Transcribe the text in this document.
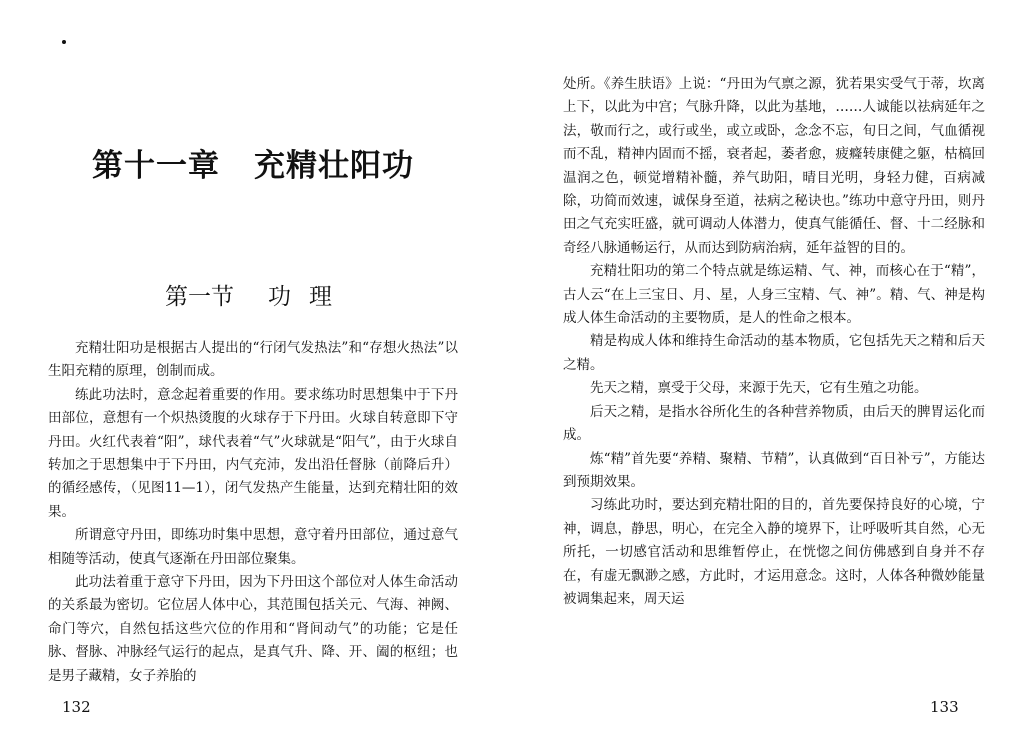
第十一章 充精壮阳功
第一节 功 理

充精壮阳功是根据古人提出的“行闭气发热法”和“存想火热法”以生阳充精的原理，创制而成。

练此功法时，意念起着重要的作用。要求练功时思想集中于下丹田部位，意想有一个炽热烫腹的火球存于下丹田。火球自转意即下守丹田。火红代表着“阳”，球代表着“气”火球就是“阳气”，由于火球自转加之于思想集中于下丹田，内气充沛，发出沿任督脉（前降后升）的循经感传，（见图11—1），闭气发热产生能量，达到充精壮阳的效果。

所谓意守丹田，即练功时集中思想，意守着丹田部位，通过意气相随等活动，使真气逐渐在丹田部位聚集。

此功法着重于意守下丹田，因为下丹田这个部位对人体生命活动的关系最为密切。它位居人体中心，其范围包括关元、气海、神阙、命门等穴，自然包括这些穴位的作用和“肾间动气”的功能；它是任脉、督脉、冲脉经气运行的起点，是真气升、降、开、阖的枢纽；也是男子藏精，女子养胎的

132

处所。《养生肤语》上说：“丹田为气禀之源，犹若果实受气于蒂，坎离上下，以此为中宫；气脉升降，以此为基地，……人诚能以祛病延年之法，敬而行之，或行或坐，或立或卧，念念不忘，旬日之间，气血循视而不乱，精神内固而不摇，衰者起，萎者愈，疲癃转康健之躯，枯槁回温润之色，顿觉增精补髓，养气助阳，晴目光明，身轻力健，百病减除，功简而效速，诚保身至道，祛病之秘诀也。”练功中意守丹田，则丹田之气充实旺盛，就可调动人体潜力，使真气能循任、督、十二经脉和奇经八脉通畅运行，从而达到防病治病，延年益智的目的。

充精壮阳功的第二个特点就是练运精、气、神，而核心在于“精”，古人云“在上三宝日、月、星，人身三宝精、气、神”。精、气、神是构成人体生命活动的主要物质，是人的性命之根本。

精是构成人体和维持生命活动的基本物质，它包括先天之精和后天之精。

先天之精，禀受于父母，来源于先天，它有生殖之功能。

后天之精，是指水谷所化生的各种营养物质，由后天的脾胃运化而成。

炼“精”首先要“养精、聚精、节精”，认真做到“百日补亏”，方能达到预期效果。

习练此功时，要达到充精壮阳的目的，首先要保持良好的心境，宁神，调息，静思，明心，在完全入静的境界下，让呼吸听其自然，心无所托，一切感官活动和思维暂停止，在恍惚之间仿佛感到自身并不存在，有虚无飘渺之感，方此时，才运用意念。这时，人体各种微妙能量被调集起来，周天运

133
